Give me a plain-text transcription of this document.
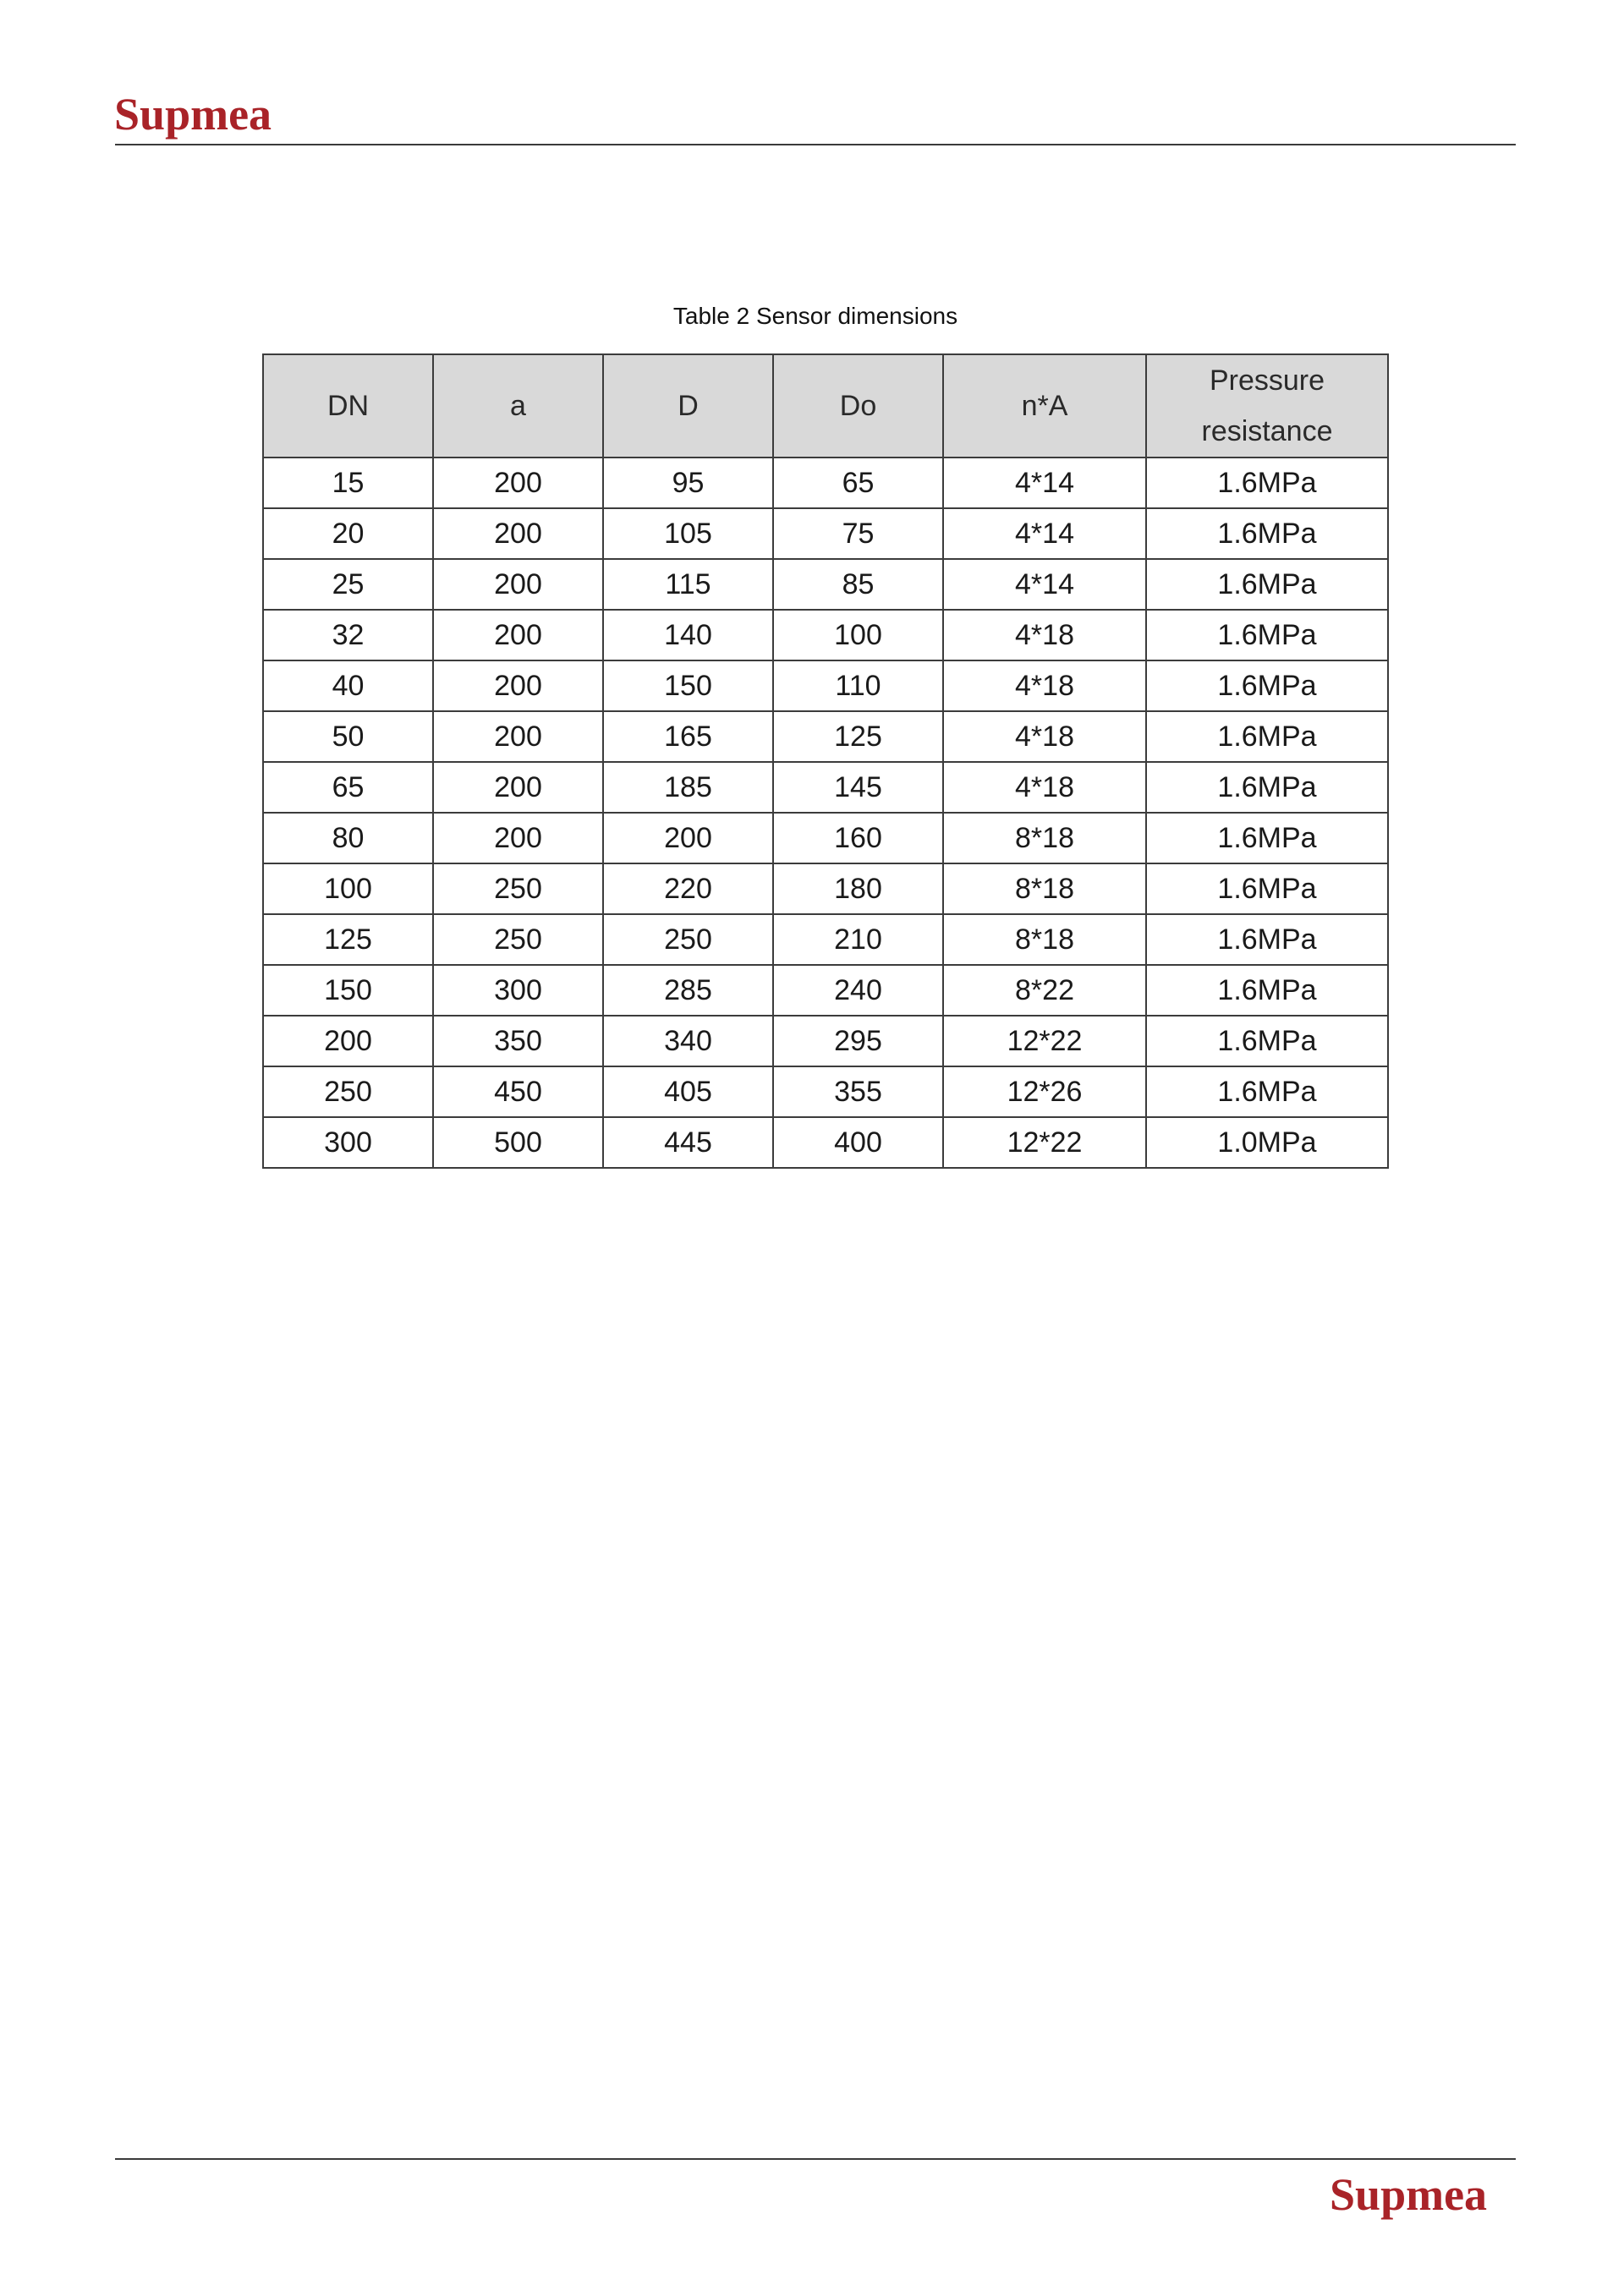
Supmea
Table 2 Sensor dimensions
DN	a	D	Do	n*A	Pressure resistance
15	200	95	65	4*14	1.6MPa
20	200	105	75	4*14	1.6MPa
25	200	115	85	4*14	1.6MPa
32	200	140	100	4*18	1.6MPa
40	200	150	110	4*18	1.6MPa
50	200	165	125	4*18	1.6MPa
65	200	185	145	4*18	1.6MPa
80	200	200	160	8*18	1.6MPa
100	250	220	180	8*18	1.6MPa
125	250	250	210	8*18	1.6MPa
150	300	285	240	8*22	1.6MPa
200	350	340	295	12*22	1.6MPa
250	450	405	355	12*26	1.6MPa
300	500	445	400	12*22	1.0MPa
Supmea
